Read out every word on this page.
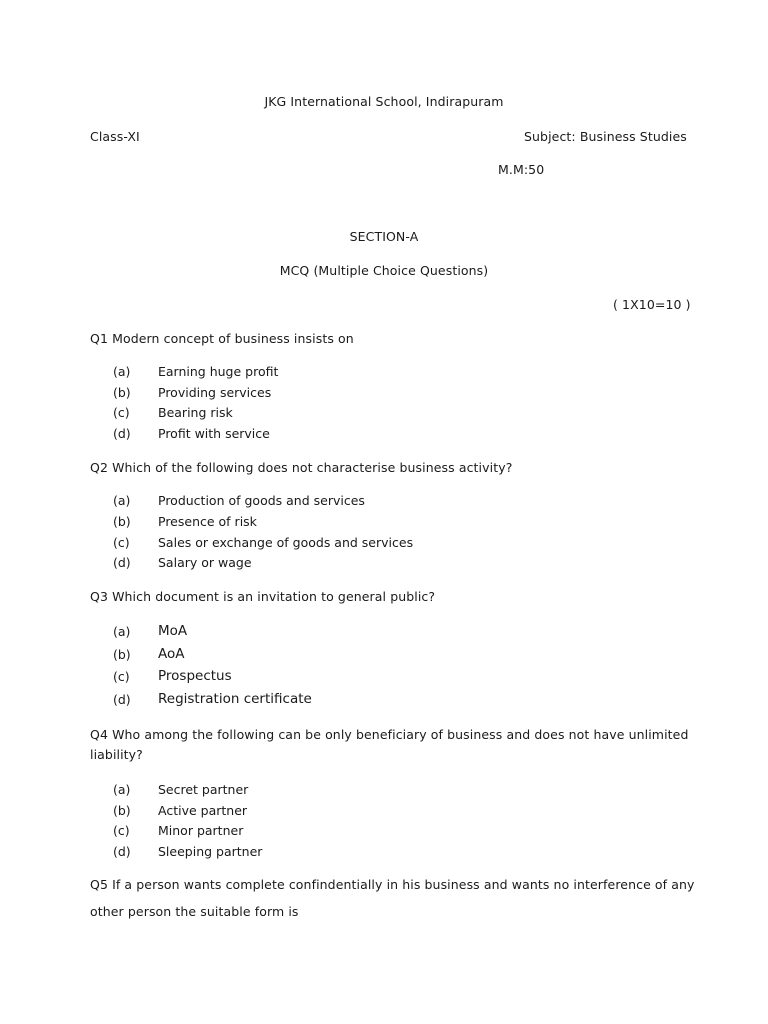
JKG International School, Indirapuram
Class-XI	Subject: Business Studies
M.M:50
SECTION-A
MCQ (Multiple Choice Questions)
( 1X10=10 )
Q1 Modern concept of business insists on
(a) Earning huge profit
(b) Providing services
(c) Bearing risk
(d) Profit with service
Q2 Which of the following does not characterise business activity?
(a) Production of goods and services
(b) Presence of risk
(c) Sales or exchange of goods and services
(d) Salary or wage
Q3 Which document is an invitation to general public?
(a) MoA
(b) AoA
(c) Prospectus
(d) Registration certificate
Q4 Who among the following can be only beneficiary of business and does not have unlimited
liability?
(a) Secret partner
(b) Active partner
(c) Minor partner
(d) Sleeping partner
Q5 If a person wants complete confindentially in his business and wants no interference of any
other person the suitable form is
